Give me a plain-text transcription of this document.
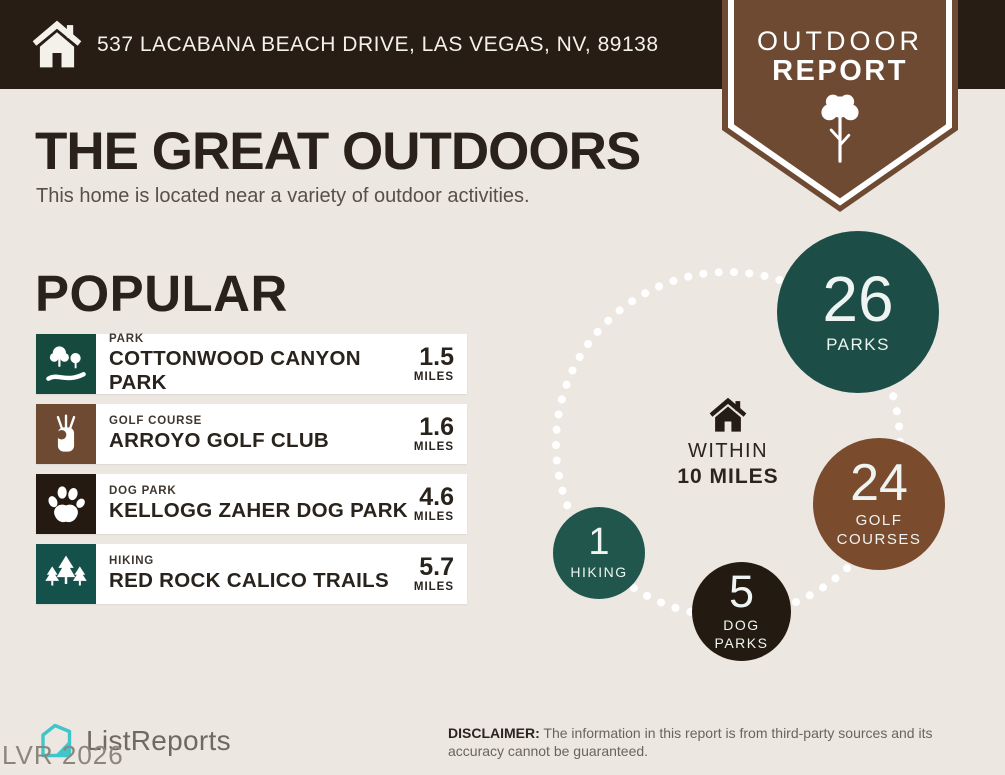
537 LACABANA BEACH DRIVE, LAS VEGAS, NV, 89138	OUTDOOR
REPORT
THE GREAT OUTDOORS
This home is located near a variety of outdoor activities.
POPULAR
PARK
COTTONWOOD CANYON PARK
1.5
MILES
GOLF COURSE
ARROYO GOLF CLUB	1.6
MILES
DOG PARK
KELLOGG ZAHER DOG PARK 4.6
MILES
HIKING
RED ROCK CALICO TRAILS 5.7
MILES
WITHIN
10 MILES
26
PARKS
24
GOLF COURSES
5
DOG PARKS
1
HIKING
ListReports	DISCLAIMER: The information in this report is from third-party sources and its accuracy cannot be guaranteed.
LVR 2026
